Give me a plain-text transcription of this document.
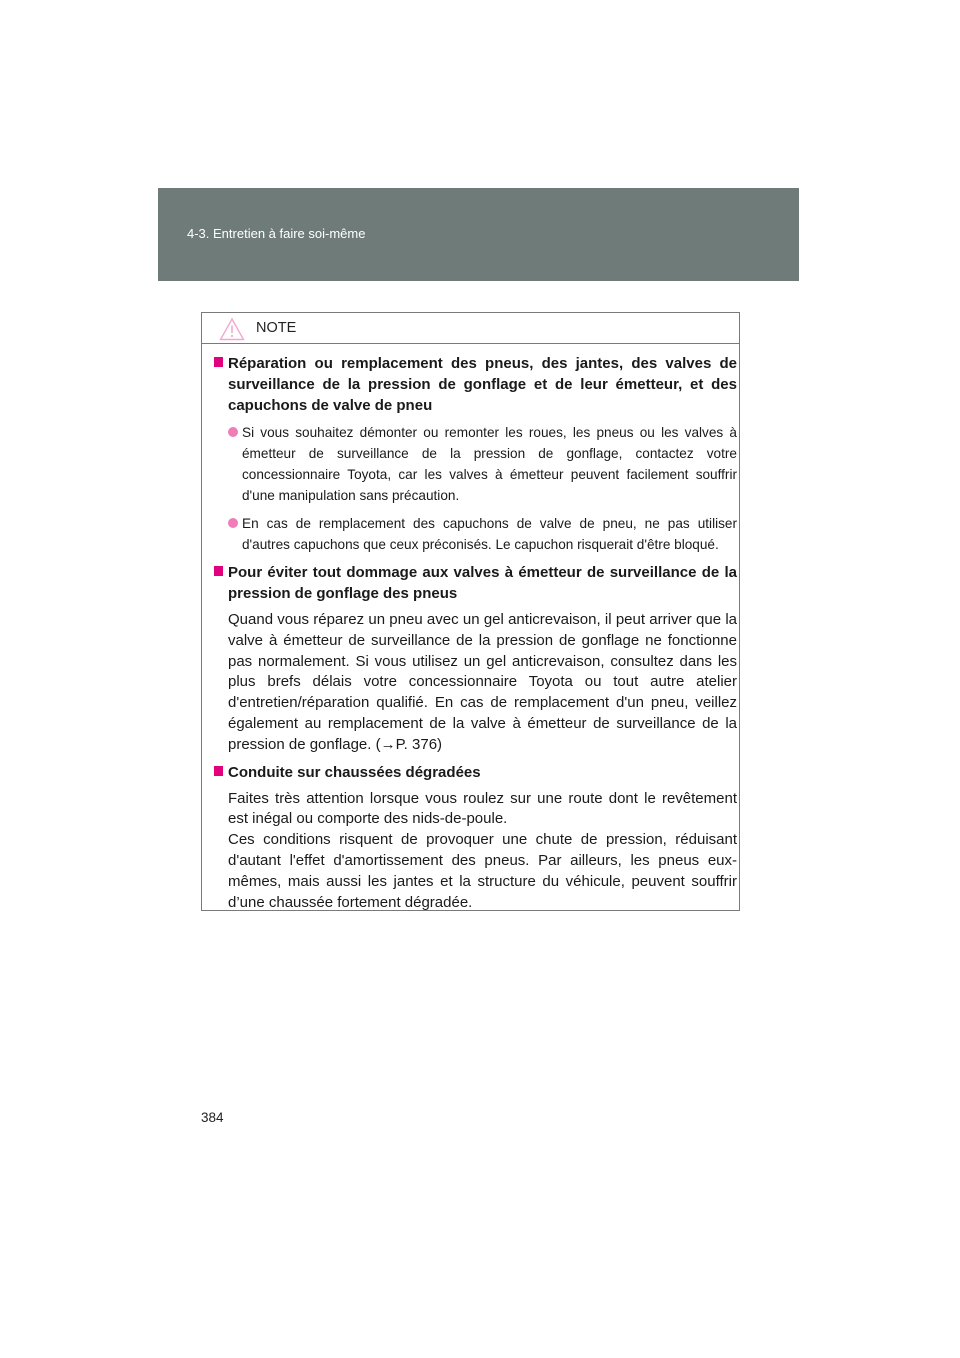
4-3. Entretien à faire soi-même
NOTE
Réparation ou remplacement des pneus, des jantes, des valves de surveillance de la pression de gonflage et de leur émetteur, et des capuchons de valve de pneu
Si vous souhaitez démonter ou remonter les roues, les pneus ou les valves à émetteur de surveillance de la pression de gonflage, contactez votre concessionnaire Toyota, car les valves à émetteur peuvent facilement souffrir d'une manipulation sans précaution.
En cas de remplacement des capuchons de valve de pneu, ne pas utiliser d'autres capuchons que ceux préconisés. Le capuchon risquerait d'être bloqué.
Pour éviter tout dommage aux valves à émetteur de surveillance de la pression de gonflage des pneus
Quand vous réparez un pneu avec un gel anticrevaison, il peut arriver que la valve à émetteur de surveillance de la pression de gonflage ne fonctionne pas normalement. Si vous utilisez un gel anticrevaison, consultez dans les plus brefs délais votre concessionnaire Toyota ou tout autre atelier d'entretien/réparation qualifié. En cas de remplacement d'un pneu, veillez également au remplacement de la valve à émetteur de surveillance de la pression de gonflage. (→P. 376)
Conduite sur chaussées dégradées
Faites très attention lorsque vous roulez sur une route dont le revêtement est inégal ou comporte des nids-de-poule.
Ces conditions risquent de provoquer une chute de pression, réduisant d'autant l'effet d'amortissement des pneus. Par ailleurs, les pneus eux-mêmes, mais aussi les jantes et la structure du véhicule, peuvent souffrir d’une chaussée fortement dégradée.
384
